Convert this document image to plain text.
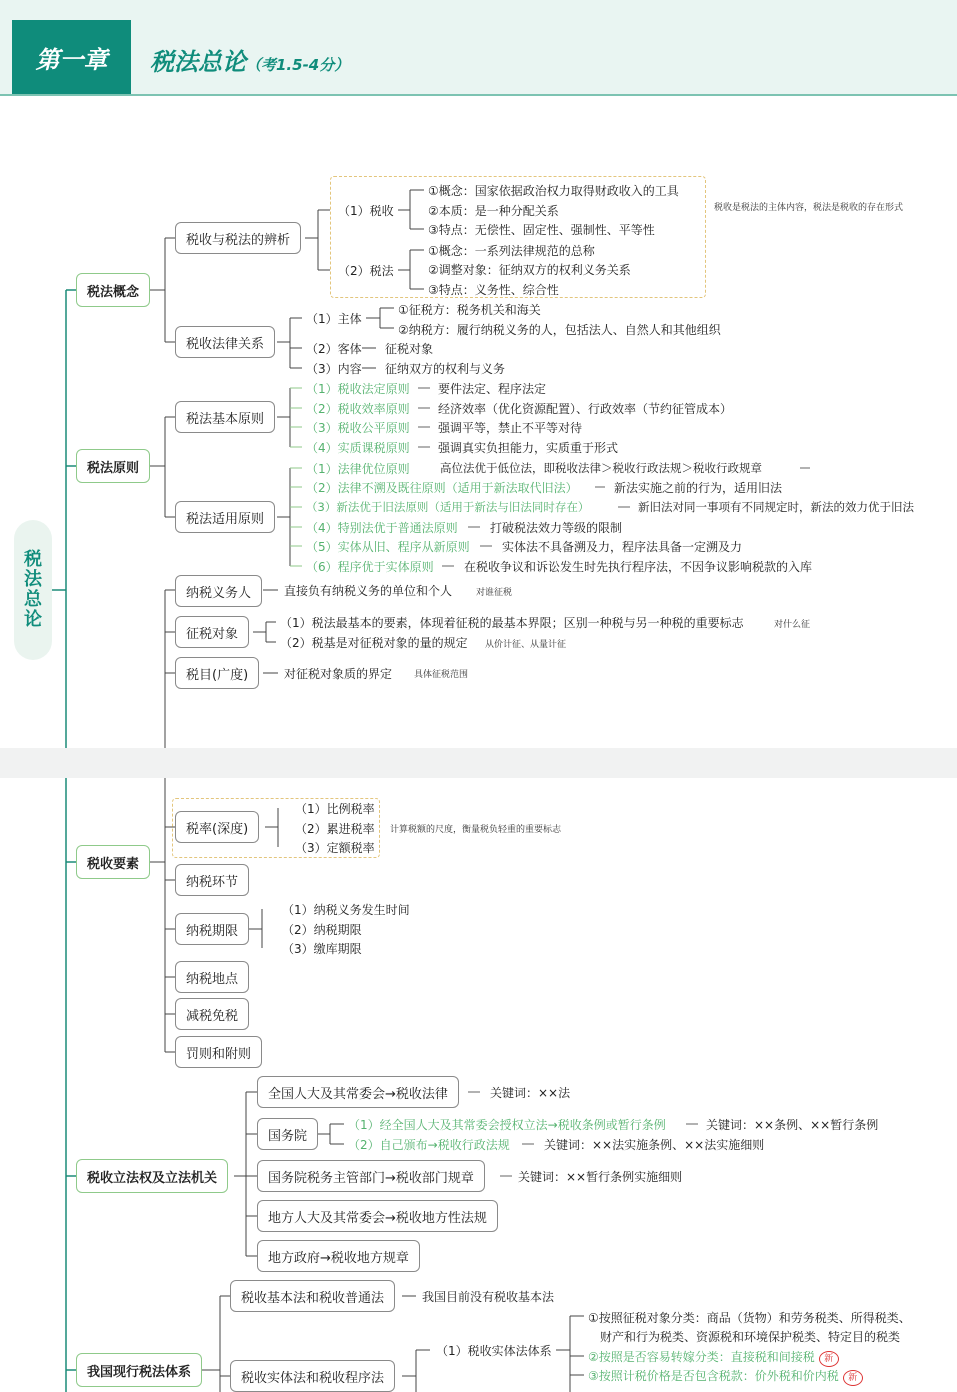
第一章	税法总论（考1.5-4分）
税
法
总
论
税法概念
税收与税法的辨析
（1）税收
①概念：国家依据政治权力取得财政收入的工具
②本质：是一种分配关系
③特点：无偿性、固定性、强制性、平等性
（2）税法
①概念：一系列法律规范的总称
②调整对象：征纳双方的权利义务关系
③特点：义务性、综合性
税收是税法的主体内容，税法是税收的存在形式
税收法律关系
（1）主体
①征税方：税务机关和海关
②纳税方：履行纳税义务的人，包括法人、自然人和其他组织
（2）客体 征税对象
（3）内容 征纳双方的权利与义务
税法原则
税法基本原则
（1）税收法定原则 要件法定、程序法定
（2）税收效率原则 经济效率（优化资源配置）、行政效率（节约征管成本）
（3）税收公平原则 强调平等，禁止不平等对待
（4）实质课税原则 强调真实负担能力，实质重于形式
税法适用原则
（1）法律优位原则	高位法优于低位法，即税收法律＞税收行政法规＞税收行政规章
（2）法律不溯及既往原则（适用于新法取代旧法）	新法实施之前的行为，适用旧法
（3）新法优于旧法原则（适用于新法与旧法同时存在）	新旧法对同一事项有不同规定时，新法的效力优于旧法
（4）特别法优于普通法原则	打破税法效力等级的限制
（5）实体从旧、程序从新原则	实体法不具备溯及力，程序法具备一定溯及力
（6）程序优于实体原则	在税收争议和诉讼发生时先执行程序法，不因争议影响税款的入库
纳税义务人	直接负有纳税义务的单位和个人	对谁征税
征税对象
（1）税法最基本的要素，体现着征税的最基本界限；区别一种税与另一种税的重要标志	对什么征
（2）税基是对征税对象的量的规定 从价计征、从量计征
税目(广度)	对征税对象质的界定 具体征税范围
税收要素
税率(深度)
（1）比例税率
（2）累进税率
（3）定额税率
计算税额的尺度，衡量税负轻重的重要标志
纳税环节
纳税期限
（1）纳税义务发生时间
（2）纳税期限
（3）缴库期限
纳税地点
减税免税
罚则和附则
税收立法权及立法机关
全国人大及其常委会→税收法律	关键词：××法
国务院
（1）经全国人大及其常委会授权立法→税收条例或暂行条例	关键词：××条例、××暂行条例
（2）自己颁布→税收行政法规	关键词：××法实施条例、××法实施细则
国务院税务主管部门→税收部门规章	关键词：××暂行条例实施细则
地方人大及其常委会→税收地方性法规
地方政府→税收地方规章
我国现行税法体系
税收基本法和税收普通法	我国目前没有税收基本法
税收实体法和税收程序法
（1）税收实体法体系
①按照征税对象分类：商品（货物）和劳务税类、所得税类、
财产和行为税类、资源税和环境保护税类、特定目的税类
②按照是否容易转嫁分类：直接税和间接税 新
③按照计税价格是否包含税款：价外税和价内税 新
